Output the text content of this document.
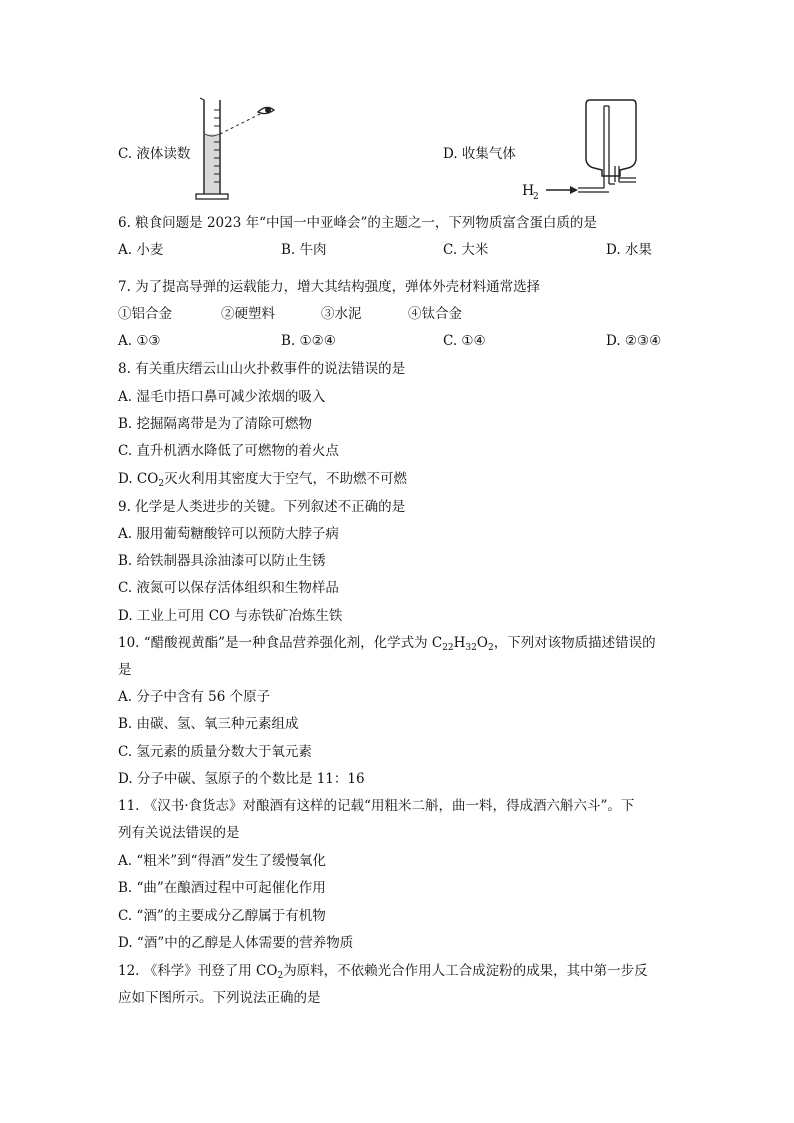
C. 液体读数	D. 收集气体
H
2
6. 粮食问题是 2023 年“中国一中亚峰会”的主题之一，下列物质富含蛋白质的是
A. 小麦	B. 牛肉	C. 大米	D. 水果
7. 为了提高导弹的运载能力，增大其结构强度，弹体外壳材料通常选择
①铝合金	②硬塑料	③水泥	④钛合金
A. ①③	B. ①②④	C. ①④	D. ②③④
8. 有关重庆缙云山山火扑救事件的说法错误的是
A. 湿毛巾捂口鼻可减少浓烟的吸入
B. 挖掘隔离带是为了清除可燃物
C. 直升机洒水降低了可燃物的着火点
D. $CO_2$灭火利用其密度大于空气，不助燃不可燃
9. 化学是人类进步的关键。下列叙述不正确的是
A. 服用葡萄糖酸锌可以预防大脖子病
B. 给铁制器具涂油漆可以防止生锈
C. 液氮可以保存活体组织和生物样品
D. 工业上可用 CO 与赤铁矿冶炼生铁
10. “醋酸视黄酯”是一种食品营养强化剂，化学式为 $C_{22}H_{32}O_2$，下列对该物质描述错误的
是
A. 分子中含有 56 个原子
B. 由碳、氢、氧三种元素组成
C. 氢元素的质量分数大于氧元素
D. 分子中碳、氢原子的个数比是 11：16
11. 《汉书·食货志》对酿酒有这样的记载“用粗米二斛，曲一料，得成酒六斛六斗”。下
列有关说法错误的是
A. “粗米”到“得酒”发生了缓慢氧化
B. “曲”在酿酒过程中可起催化作用
C. “酒”的主要成分乙醇属于有机物
D. “酒”中的乙醇是人体需要的营养物质
12. 《科学》刊登了用 $CO_2$为原料，不依赖光合作用人工合成淀粉的成果，其中第一步反
应如下图所示。下列说法正确的是
